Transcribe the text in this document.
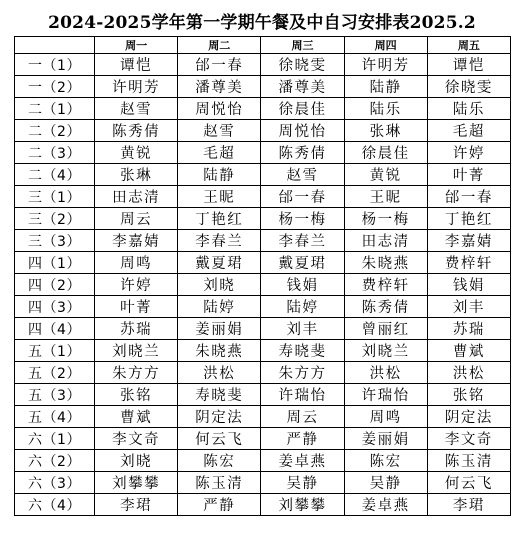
2024-2025学年第一学期午餐及中自习安排表2025.2
	周一	周二	周三	周四	周五
一（1）	谭恺	邰一春	徐晓雯	许明芳	谭恺
一（2）	许明芳	潘尊美	潘尊美	陆静	徐晓雯
二（1）	赵雪	周悦怡	徐晨佳	陆乐	陆乐
二（2）	陈秀倩	赵雪	周悦怡	张琳	毛超
二（3）	黄锐	毛超	陈秀倩	徐晨佳	许婷
二（4）	张琳	陆静	赵雪	黄锐	叶菁
三（1）	田志清	王昵	邰一春	王昵	邰一春
三（2）	周云	丁艳红	杨一梅	杨一梅	丁艳红
三（3）	李嘉婧	李春兰	李春兰	田志清	李嘉婧
四（1）	周鸣	戴夏珺	戴夏珺	朱晓燕	费梓轩
四（2）	许婷	刘晓	钱娟	费梓轩	钱娟
四（3）	叶菁	陆婷	陆婷	陈秀倩	刘丰
四（4）	苏瑞	姜丽娟	刘丰	曾丽红	苏瑞
五（1）	刘晓兰	朱晓燕	寿晓斐	刘晓兰	曹斌
五（2）	朱方方	洪松	朱方方	洪松	洪松
五（3）	张铭	寿晓斐	许瑞怡	许瑞怡	张铭
五（4）	曹斌	阴定法	周云	周鸣	阴定法
六（1）	李文奇	何云飞	严静	姜丽娟	李文奇
六（2）	刘晓	陈宏	姜卓燕	陈宏	陈玉清
六（3）	刘攀攀	陈玉清	吴静	吴静	何云飞
六（4）	李珺	严静	刘攀攀	姜卓燕	李珺
